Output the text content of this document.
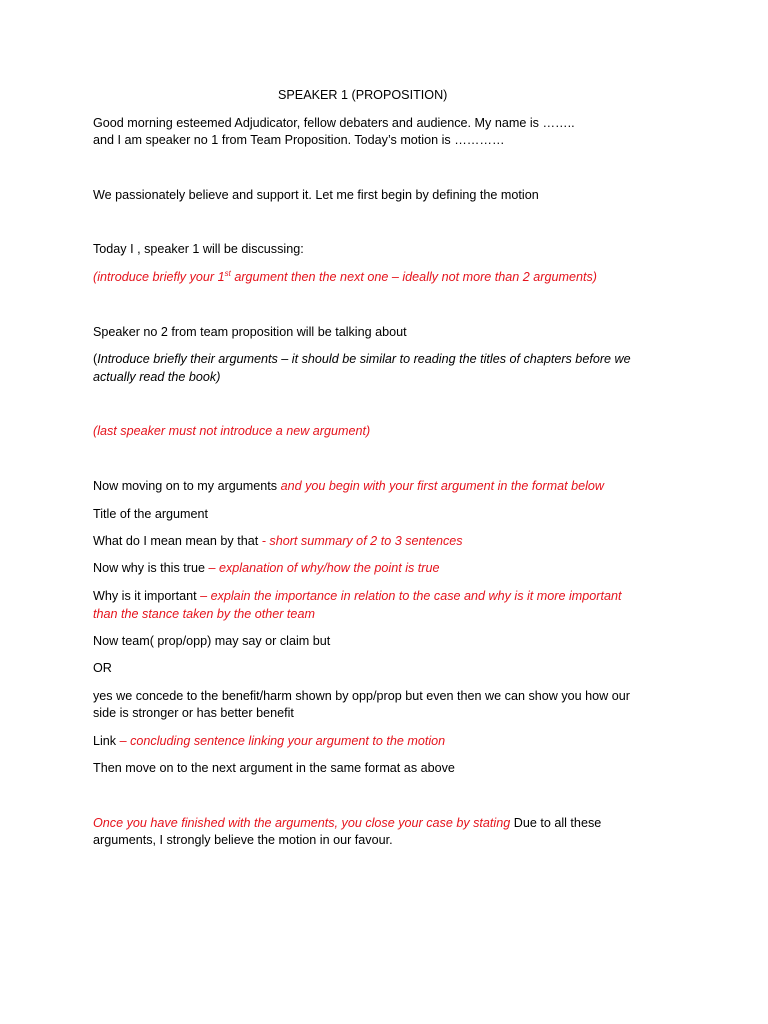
SPEAKER 1 (PROPOSITION)
Good morning esteemed Adjudicator, fellow debaters and audience. My name is ……..
and I am speaker no 1 from Team Proposition. Today’s motion is …………
We passionately believe and support it. Let me first begin by defining the motion
Today I , speaker 1 will be discussing:
(introduce briefly your 1st argument then the next one – ideally not more than 2 arguments)
Speaker no 2 from team proposition will be talking about
(Introduce briefly their arguments – it should be similar to reading the titles of chapters before we
actually read the book)
(last speaker must not introduce a new argument)
Now moving on to my arguments and you begin with your first argument in the format below
Title of the argument
What do I mean mean by that - short summary of 2 to 3 sentences
Now why is this true – explanation of why/how the point is true
Why is it important – explain the importance in relation to the case and why is it more important
than the stance taken by the other team
Now team( prop/opp) may say or claim but
OR
yes we concede to the benefit/harm shown by opp/prop but even then we can show you how our
side is stronger or has better benefit
Link – concluding sentence linking your argument to the motion
Then move on to the next argument in the same format as above
Once you have finished with the arguments, you close your case by stating Due to all these
arguments, I strongly believe the motion in our favour.
